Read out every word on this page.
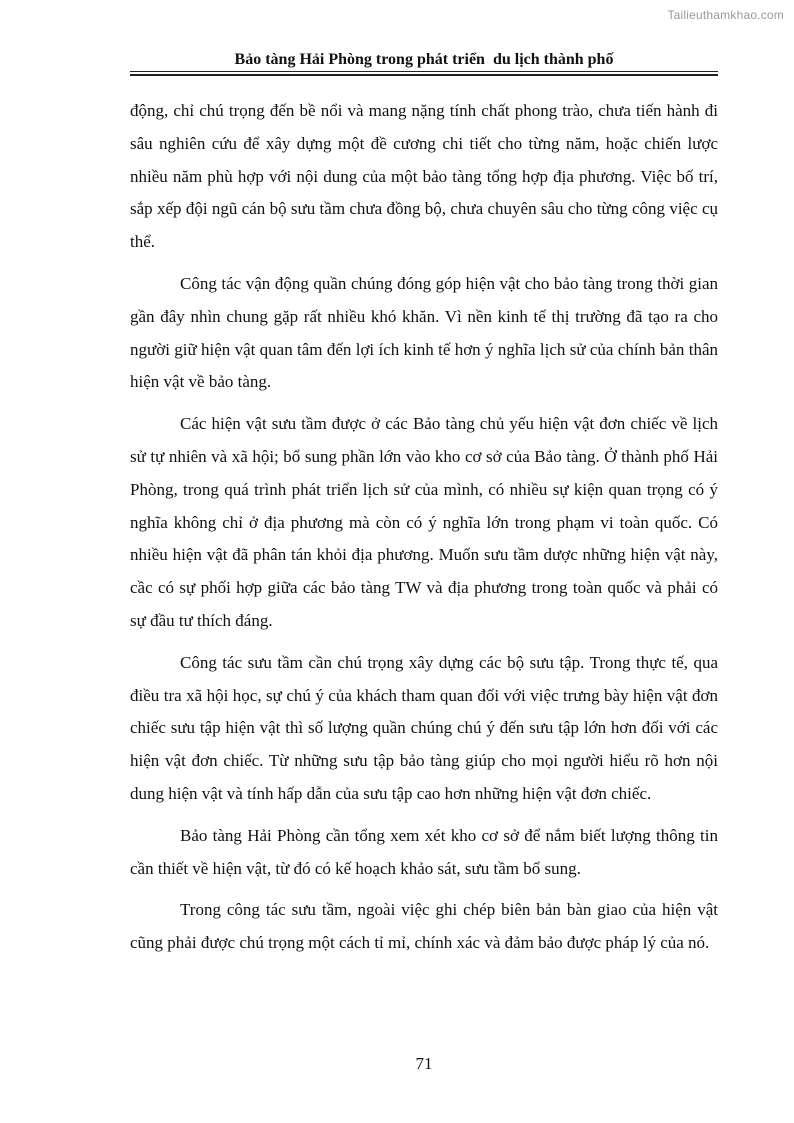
Tailieuthamkhao.com
Bảo tàng Hải Phòng trong phát triển  du lịch thành phố

động, chỉ chú trọng đến bề nổi và mang nặng tính chất phong trào, chưa tiến hành đi sâu nghiên cứu để xây dựng một đề cương chi tiết cho từng năm, hoặc chiến lược nhiều năm phù hợp với nội dung của một bảo tàng tổng hợp địa phương. Việc bố trí, sắp xếp đội ngũ cán bộ sưu tầm chưa đồng bộ, chưa chuyên sâu cho từng công việc cụ thể.

Công tác vận động quần chúng đóng góp hiện vật cho bảo tàng trong thời gian gần đây nhìn chung gặp rất nhiều khó khăn. Vì nền kinh tế thị trường đã tạo ra cho người giữ hiện vật quan tâm đến lợi ích kinh tế hơn ý nghĩa lịch sử của chính bản thân hiện vật về bảo tàng.

Các hiện vật sưu tầm được ở các Bảo tàng chủ yếu hiện vật đơn chiếc về lịch sử tự nhiên và xã hội; bổ sung phần lớn vào kho cơ sở của Bảo tàng. Ở thành phố Hải Phòng, trong quá trình phát triển lịch sử của mình, có nhiều sự kiện quan trọng có ý nghĩa không chỉ ở địa phương mà còn có ý nghĩa lớn trong phạm vi toàn quốc. Có nhiều hiện vật đã phân tán khỏi địa phương. Muốn sưu tầm dược những hiện vật này, cầc có sự phối hợp giữa các bảo tàng TW và địa phương trong toàn quốc và phải có sự đầu tư thích đáng.

Công tác sưu tầm cần chú trọng xây dựng các bộ sưu tập. Trong thực tế, qua điều tra xã hội học, sự chú ý của khách tham quan đối với việc trưng bày hiện vật đơn chiếc sưu tập hiện vật thì số lượng quần chúng chú ý đến sưu tập lớn hơn đối với các hiện vật đơn chiếc. Từ những sưu tập bảo tàng giúp cho mọi người hiểu rõ hơn nội dung hiện vật và tính hấp dẫn của sưu tập cao hơn những hiện vật đơn chiếc.

Bảo tàng Hải Phòng cần tổng xem xét kho cơ sở để nắm biết lượng thông tin cần thiết về hiện vật, từ đó có kế hoạch khảo sát, sưu tầm bổ sung.

Trong công tác sưu tầm, ngoài việc ghi chép biên bản bàn giao của hiện vật cũng phải được chú trọng một cách tỉ mỉ, chính xác và đảm bảo được pháp lý của nó.

71
